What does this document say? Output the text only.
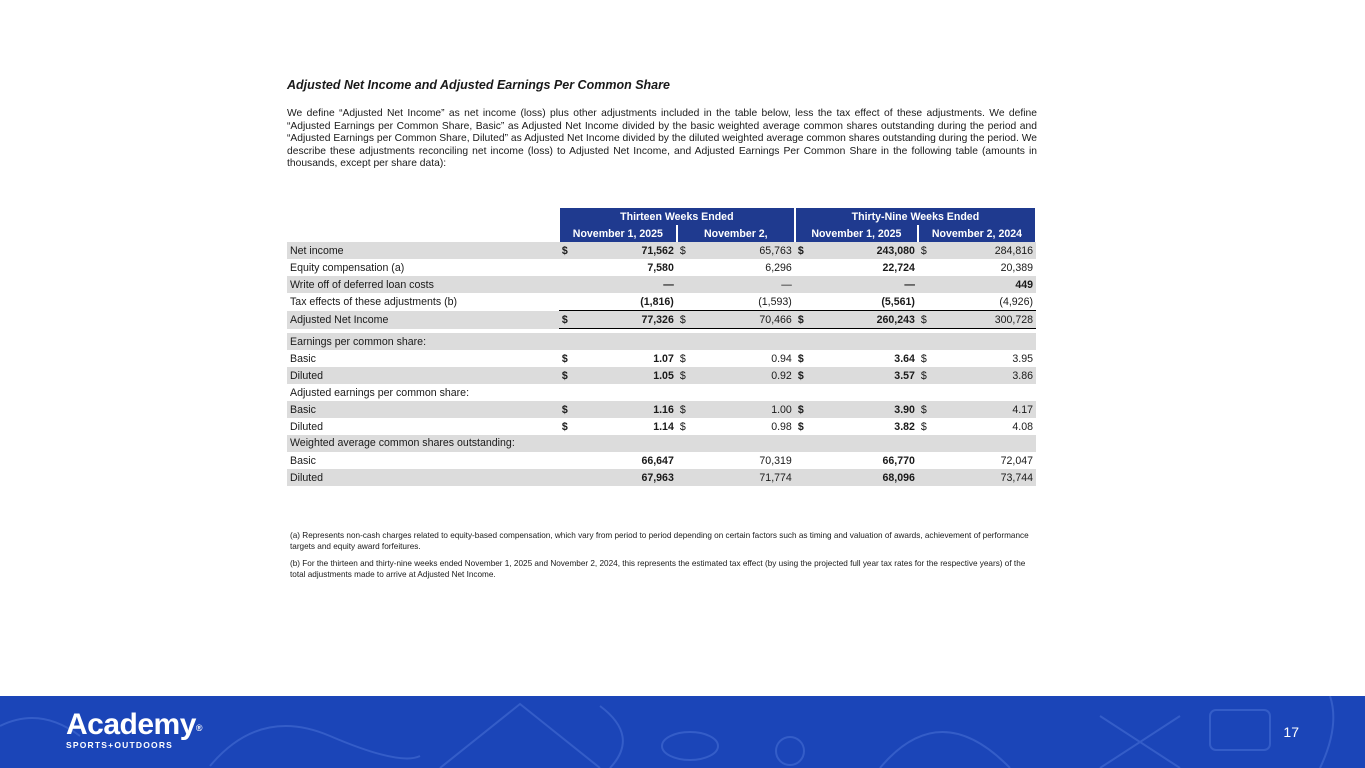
Adjusted Net Income and Adjusted Earnings Per Common Share

We define “Adjusted Net Income” as net income (loss) plus other adjustments included in the table below, less the tax effect of these adjustments. We define “Adjusted Earnings per Common Share, Basic” as Adjusted Net Income divided by the basic weighted average common shares outstanding during the period and “Adjusted Earnings per Common Share, Diluted” as Adjusted Net Income divided by the diluted weighted average common shares outstanding during the period. We describe these adjustments reconciling net income (loss) to Adjusted Net Income, and Adjusted Earnings Per Common Share in the following table (amounts in thousands, except per share data):

	Thirteen Weeks Ended				Thirty-Nine Weeks Ended			
	November 1, 2025		November 2,		November 1, 2025		November 2, 2024	
Net income	$	71,562	$	65,763	$	243,080	$	284,816
Equity compensation (a)		7,580		6,296		22,724		20,389
Write off of deferred loan costs		—		—		—		449
Tax effects of these adjustments (b)		(1,816)		(1,593)		(5,561)		(4,926)
Adjusted Net Income	$	77,326	$	70,466	$	260,243	$	300,728

Earnings per common share:								
Basic	$	1.07	$	0.94	$	3.64	$	3.95
Diluted	$	1.05	$	0.92	$	3.57	$	3.86
Adjusted earnings per common share:								
Basic	$	1.16	$	1.00	$	3.90	$	4.17
Diluted	$	1.14	$	0.98	$	3.82	$	4.08
Weighted average common shares outstanding:								
Basic		66,647		70,319		66,770		72,047
Diluted		67,963		71,774		68,096		73,744

(a) Represents non-cash charges related to equity-based compensation, which vary from period to period depending on certain factors such as timing and valuation of awards, achievement of performance targets and equity award forfeitures.

(b) For the thirteen and thirty-nine weeks ended November 1, 2025 and November 2, 2024, this represents the estimated tax effect (by using the projected full year tax rates for the respective years) of the total adjustments made to arrive at Adjusted Net Income.

Academy®
SPORTS+OUTDOORS
17
